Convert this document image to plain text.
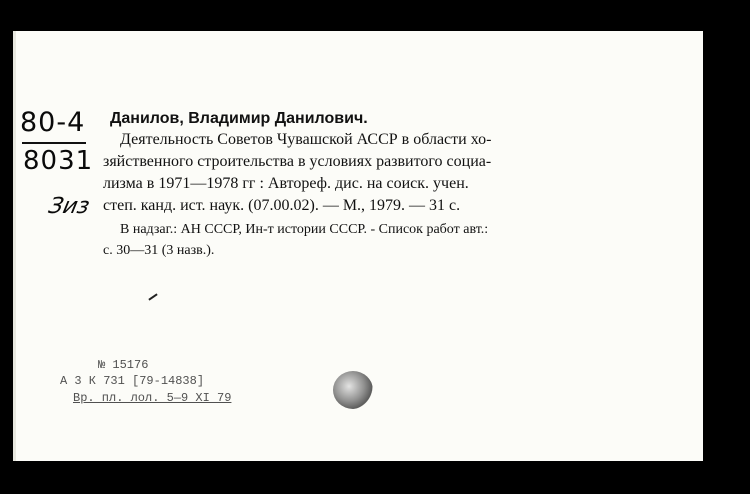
80-4
8031
Зиз
Данилов, Владимир Данилович.
Деятельность Советов Чувашской АССР в области хо-
зяйственного строительства в условиях развитого социа-
лизма в 1971—1978 гг : Автореф. дис. на соиск. учен.
степ. канд. ист. наук. (07.00.02). — М., 1979. — 31 с.
В надзаг.: АН СССР, Ин-т истории СССР. - Список работ авт.:
с. 30—31 (3 назв.).
№ 15176
А 3 К 731 [79-14838]
Вр. пл. лол. 5—9 XI 79
